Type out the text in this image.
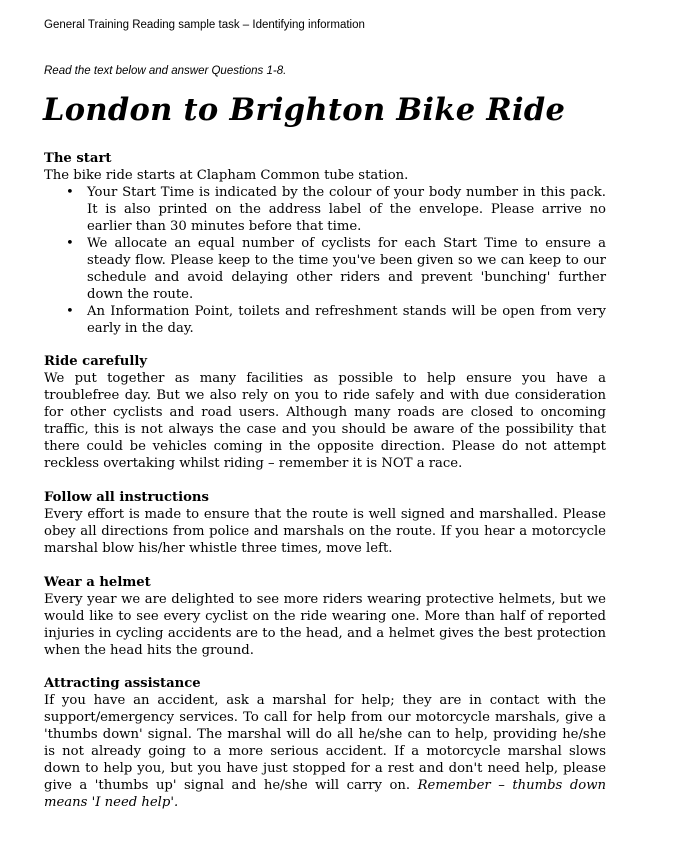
General Training Reading sample task – Identifying information
Read the text below and answer Questions 1-8.
London to Brighton Bike Ride
The start
The bike ride starts at Clapham Common tube station.
• Your Start Time is indicated by the colour of your body number in this pack. It is also printed on the address label of the envelope. Please arrive no earlier than 30 minutes before that time.
• We allocate an equal number of cyclists for each Start Time to ensure a steady flow. Please keep to the time you've been given so we can keep to our schedule and avoid delaying other riders and prevent 'bunching' further down the route.
• An Information Point, toilets and refreshment stands will be open from very early in the day.
Ride carefully
We put together as many facilities as possible to help ensure you have a troublefree day. But we also rely on you to ride safely and with due consideration for other cyclists and road users. Although many roads are closed to oncoming traffic, this is not always the case and you should be aware of the possibility that there could be vehicles coming in the opposite direction. Please do not attempt reckless overtaking whilst riding – remember it is NOT a race.
Follow all instructions
Every effort is made to ensure that the route is well signed and marshalled. Please obey all directions from police and marshals on the route. If you hear a motorcycle marshal blow his/her whistle three times, move left.
Wear a helmet
Every year we are delighted to see more riders wearing protective helmets, but we would like to see every cyclist on the ride wearing one. More than half of reported injuries in cycling accidents are to the head, and a helmet gives the best protection when the head hits the ground.
Attracting assistance
If you have an accident, ask a marshal for help; they are in contact with the support/emergency services. To call for help from our motorcycle marshals, give a 'thumbs down' signal. The marshal will do all he/she can to help, providing he/she is not already going to a more serious accident. If a motorcycle marshal slows down to help you, but you have just stopped for a rest and don't need help, please give a 'thumbs up' signal and he/she will carry on. Remember – thumbs down means 'I need help'.
